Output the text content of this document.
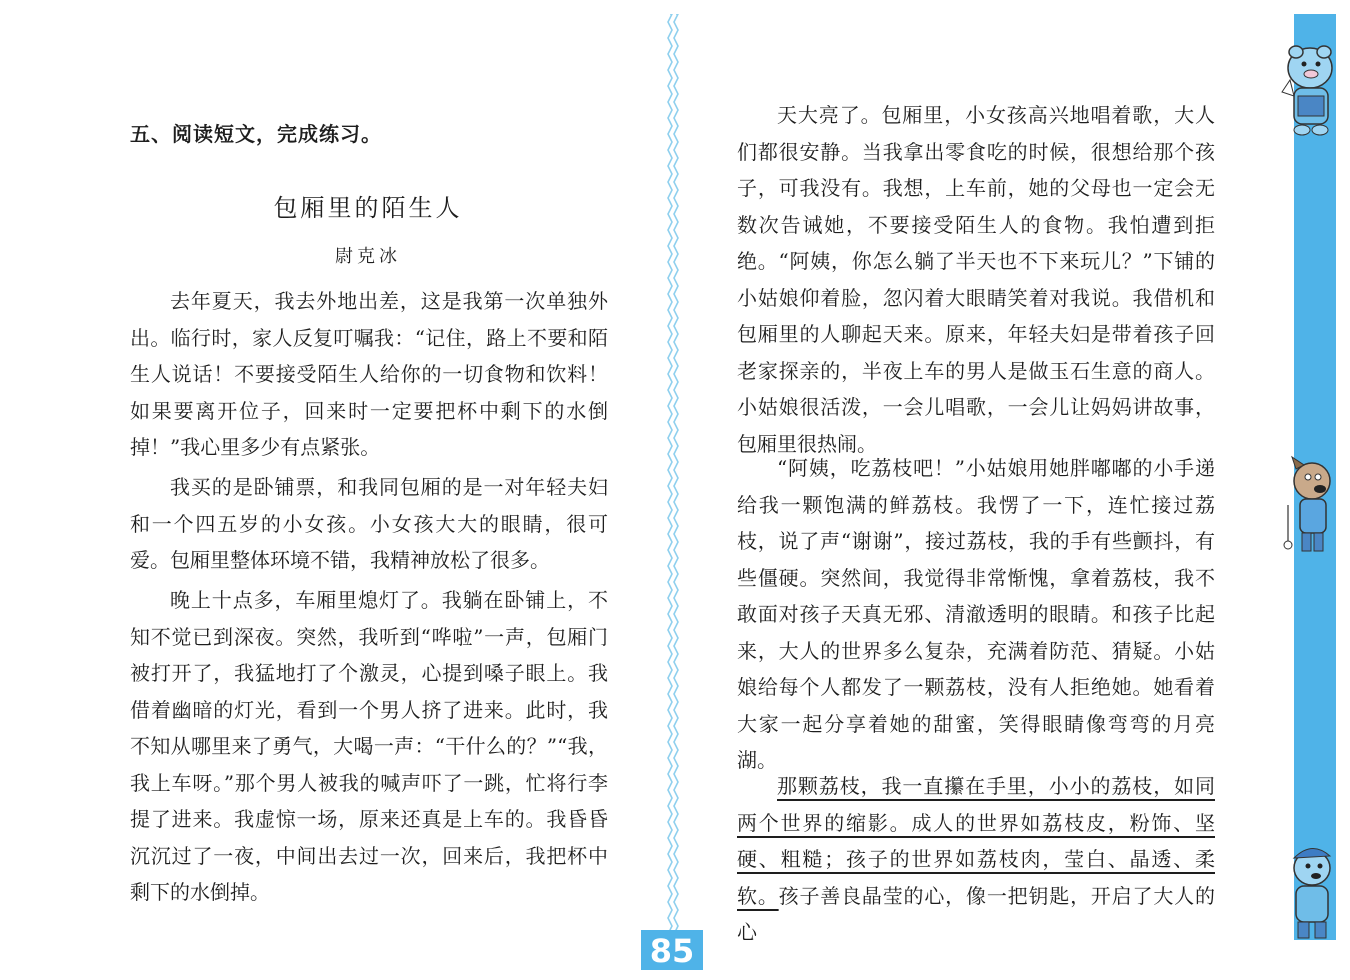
五、阅读短文，完成练习。
包厢里的陌生人
尉克冰

去年夏天，我去外地出差，这是我第一次单独外出。临行时，家人反复叮嘱我：“记住，路上不要和陌生人说话！不要接受陌生人给你的一切食物和饮料！如果要离开位子，回来时一定要把杯中剩下的水倒掉！”我心里多少有点紧张。

我买的是卧铺票，和我同包厢的是一对年轻夫妇和一个四五岁的小女孩。小女孩大大的眼睛，很可爱。包厢里整体环境不错，我精神放松了很多。

晚上十点多，车厢里熄灯了。我躺在卧铺上，不知不觉已到深夜。突然，我听到“哗啦”一声，包厢门被打开了，我猛地打了个激灵，心提到嗓子眼上。我借着幽暗的灯光，看到一个男人挤了进来。此时，我不知从哪里来了勇气，大喝一声：“干什么的？”“我，我上车呀。”那个男人被我的喊声吓了一跳，忙将行李提了进来。我虚惊一场，原来还真是上车的。我昏昏沉沉过了一夜，中间出去过一次，回来后，我把杯中剩下的水倒掉。

天大亮了。包厢里，小女孩高兴地唱着歌，大人们都很安静。当我拿出零食吃的时候，很想给那个孩子，可我没有。我想，上车前，她的父母也一定会无数次告诫她，不要接受陌生人的食物。我怕遭到拒绝。“阿姨，你怎么躺了半天也不下来玩儿？”下铺的小姑娘仰着脸，忽闪着大眼睛笑着对我说。我借机和包厢里的人聊起天来。原来，年轻夫妇是带着孩子回老家探亲的，半夜上车的男人是做玉石生意的商人。小姑娘很活泼，一会儿唱歌，一会儿让妈妈讲故事，包厢里很热闹。

“阿姨，吃荔枝吧！”小姑娘用她胖嘟嘟的小手递给我一颗饱满的鲜荔枝。我愣了一下，连忙接过荔枝，说了声“谢谢”，接过荔枝，我的手有些颤抖，有些僵硬。突然间，我觉得非常惭愧，拿着荔枝，我不敢面对孩子天真无邪、清澈透明的眼睛。和孩子比起来，大人的世界多么复杂，充满着防范、猜疑。小姑娘给每个人都发了一颗荔枝，没有人拒绝她。她看着大家一起分享着她的甜蜜，笑得眼睛像弯弯的月亮湖。

那颗荔枝，我一直攥在手里，小小的荔枝，如同两个世界的缩影。成人的世界如荔枝皮，粉饰、坚硬、粗糙；孩子的世界如荔枝肉，莹白、晶透、柔软。孩子善良晶莹的心，像一把钥匙，开启了大人的心

85
